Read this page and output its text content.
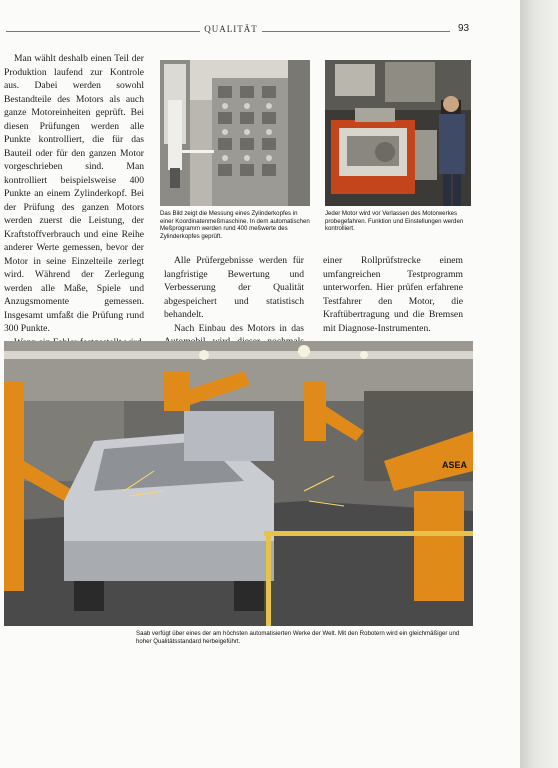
QUALITÄT	93

Man wählt deshalb einen Teil der Produktion laufend zur Kontrole aus. Dabei werden sowohl Bestandteile des Motors als auch ganze Motoreinheiten geprüft. Bei diesen Prüfungen werden alle Punkte kontrolliert, die für das Bauteil oder für den ganzen Motor vorgeschrieben sind. Man kontrolliert beispielsweise 400 Punkte an einem Zylinderkopf. Bei der Prüfung des ganzen Motors werden zuerst die Leistung, der Kraftstoffverbrauch und eine Reihe anderer Werte gemessen, bevor der Motor in seine Einzelteile zerlegt wird. Während der Zerlegung werden alle Maße, Spiele und Anzugsmomente gemessen. Insgesamt umfaßt die Prüfung rund 300 Punkte.

Das Bild zeigt die Messung eines Zylinderkopfes in einer Koordinatenmeßmaschine. In dem automatischen Meßprogramm werden rund 400 meßwerte des Zylinderkopfes geprüft.
Jeder Motor wird vor Verlassen des Motorwerkes probegefahren. Funktion und Einstellungen werden kontrolliert.

Alle Prüfergebnisse werden für langfristige Bewertung und Verbesserung der Qualität abgespeichert und statistisch behandelt.

Nach Einbau des Motors in das

einer Rollprüfstrecke einem umfangreichen Testprogramm unterworfen. Hier prüfen erfahrene Testfahrer den Motor, die Kraftübertragung und die Bremsen mit Diagnose-Instrumenten.

ASEA
Saab verfügt über eines der am höchsten automatisierten Werke der Welt. Mit den Robotern wird ein gleichmäßiger und hoher Qualitätsstandard herbeigeführt.
